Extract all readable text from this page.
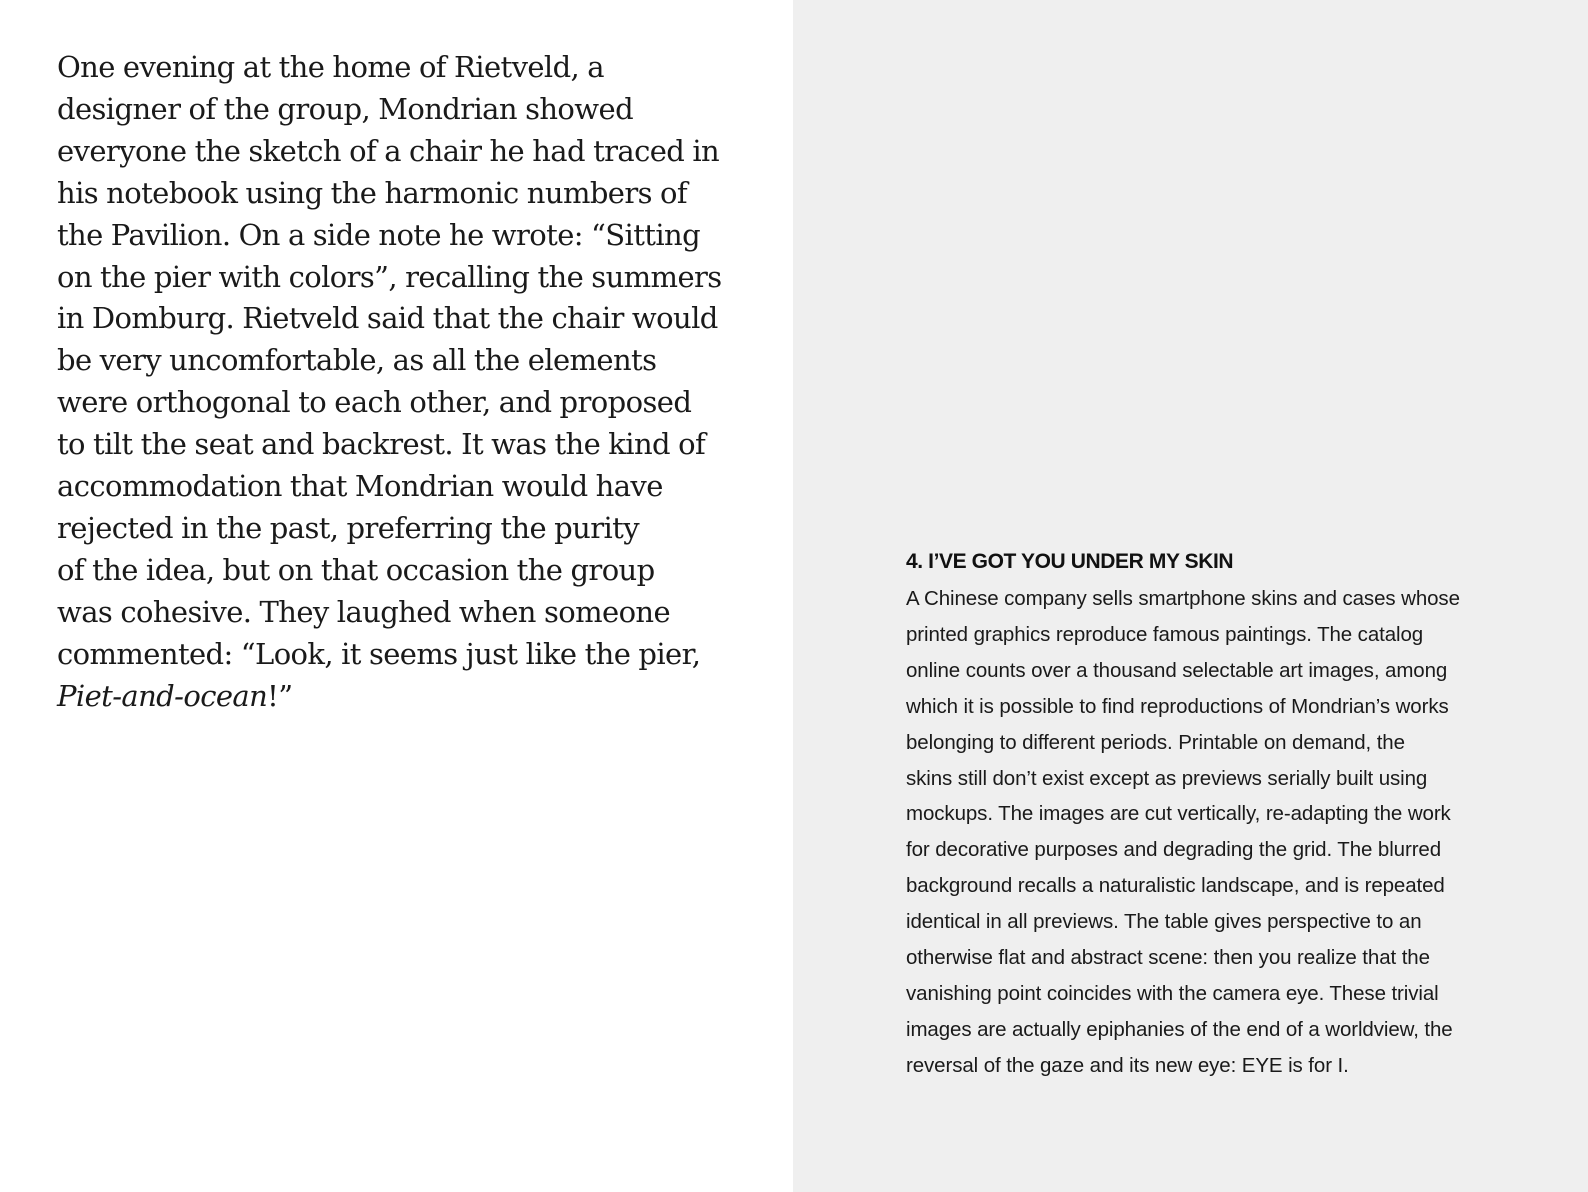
One evening at the home of Rietveld, a
designer of the group, Mondrian showed
everyone the sketch of a chair he had traced in
his notebook using the harmonic numbers of
the Pavilion. On a side note he wrote: “Sitting
on the pier with colors”, recalling the summers
in Domburg. Rietveld said that the chair would
be very uncomfortable, as all the elements
were orthogonal to each other, and proposed
to tilt the seat and backrest. It was the kind of
accommodation that Mondrian would have
rejected in the past, preferring the purity
of the idea, but on that occasion the group
was cohesive. They laughed when someone
commented: “Look, it seems just like the pier,
Piet-and-ocean!”

4. I’VE GOT YOU UNDER MY SKIN

A Chinese company sells smartphone skins and cases whose
printed graphics reproduce famous paintings. The catalog
online counts over a thousand selectable art images, among
which it is possible to find reproductions of Mondrian’s works
belonging to different periods. Printable on demand, the
skins still don’t exist except as previews serially built using
mockups. The images are cut vertically, re-adapting the work
for decorative purposes and degrading the grid. The blurred
background recalls a naturalistic landscape, and is repeated
identical in all previews. The table gives perspective to an
otherwise flat and abstract scene: then you realize that the
vanishing point coincides with the camera eye. These trivial
images are actually epiphanies of the end of a worldview, the
reversal of the gaze and its new eye: EYE is for I.
